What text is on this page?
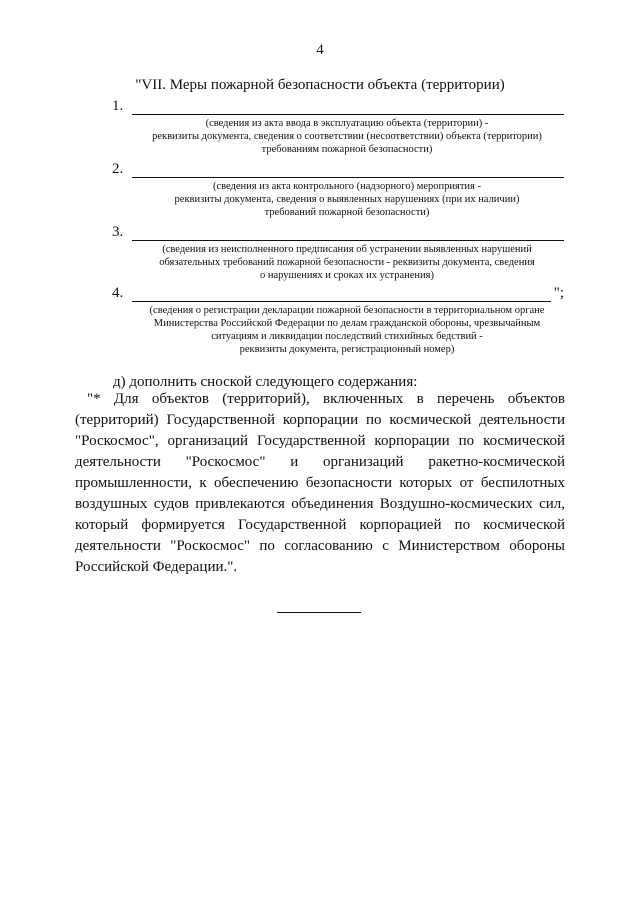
4
"VII. Меры пожарной безопасности объекта (территории)
1.
(сведения из акта ввода в эксплуатацию объекта (территории) -
реквизиты документа, сведения о соответствии (несоответствии) объекта (территории)
требованиям пожарной безопасности)
2.
(сведения из акта контрольного (надзорного) мероприятия -
реквизиты документа, сведения о выявленных нарушениях (при их наличии)
требований пожарной безопасности)
3.
(сведения из неисполненного предписания об устранении выявленных нарушений
обязательных требований пожарной безопасности - реквизиты документа, сведения
о нарушениях и сроках их устранения)
4.	";
(сведения о регистрации декларации пожарной безопасности в территориальном органе
Министерства Российской Федерации по делам гражданской обороны, чрезвычайным
ситуациям и ликвидации последствий стихийных бедствий -
реквизиты документа, регистрационный номер)
д) дополнить сноской следующего содержания:
"* Для объектов (территорий), включенных в перечень объектов (территорий) Государственной корпорации по космической деятельности "Роскосмос", организаций Государственной корпорации по космической деятельности "Роскосмос" и организаций ракетно-космической промышленности, к обеспечению безопасности которых от беспилотных воздушных судов привлекаются объединения Воздушно-космических сил, который формируется Государственной корпорацией по космической деятельности "Роскосмос" по согласованию с Министерством обороны Российской Федерации.".
